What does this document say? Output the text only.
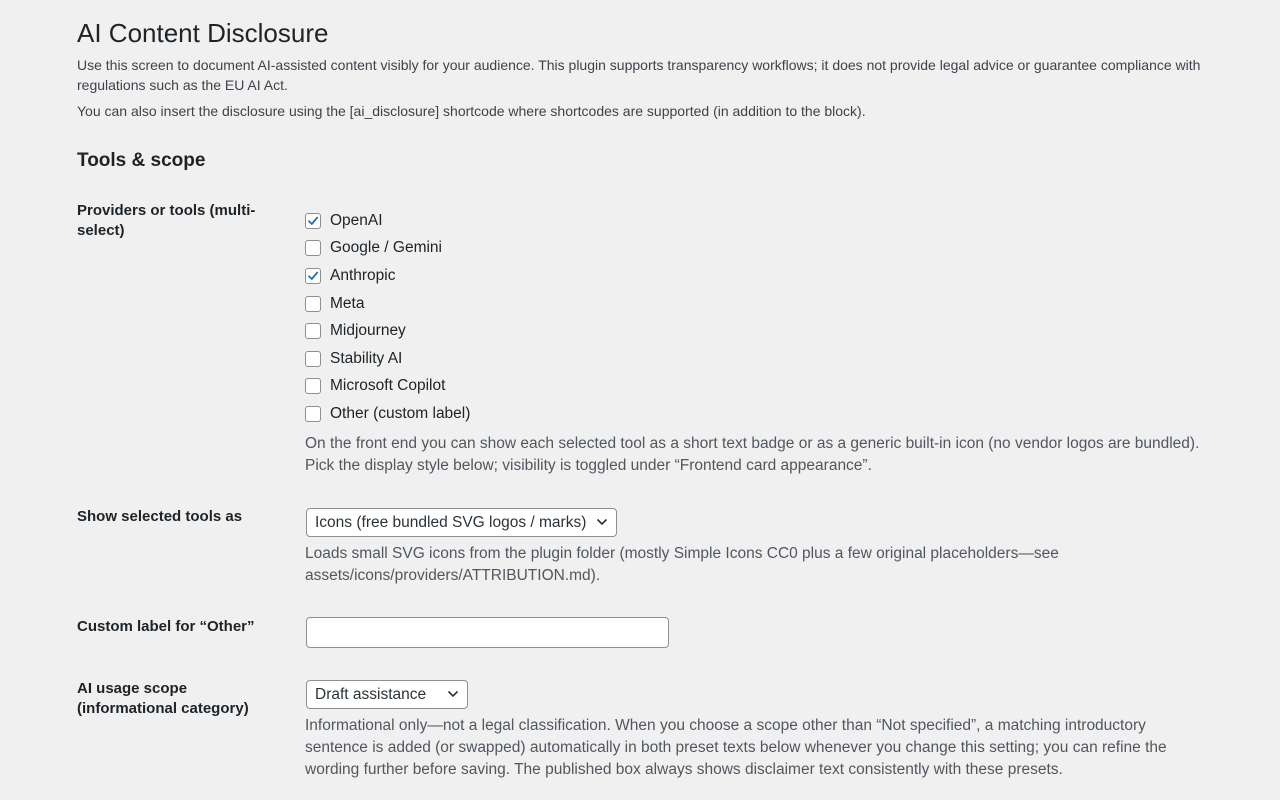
AI Content Disclosure

Use this screen to document AI-assisted content visibly for your audience. This plugin supports transparency workflows; it does not provide legal advice or guarantee compliance with regulations such as the EU AI Act.

You can also insert the disclosure using the [ai_disclosure] shortcode where shortcodes are supported (in addition to the block).

Tools & scope
Providers or tools (multi-select)
OpenAI
Google / Gemini
Anthropic
Meta
Midjourney
Stability AI
Microsoft Copilot
Other (custom label)
On the front end you can show each selected tool as a short text badge or as a generic built-in icon (no vendor logos are bundled). Pick the display style below; visibility is toggled under “Frontend card appearance”.
Show selected tools as	Icons (free bundled SVG logos / marks)
Loads small SVG icons from the plugin folder (mostly Simple Icons CC0 plus a few original placeholders—see assets/icons/providers/ATTRIBUTION.md).
Custom label for “Other”
AI usage scope (informational category)
Draft assistance
Informational only—not a legal classification. When you choose a scope other than “Not specified”, a matching introductory sentence is added (or swapped) automatically in both preset texts below whenever you change this setting; you can refine the wording further before saving. The published box always shows disclaimer text consistently with these presets.
